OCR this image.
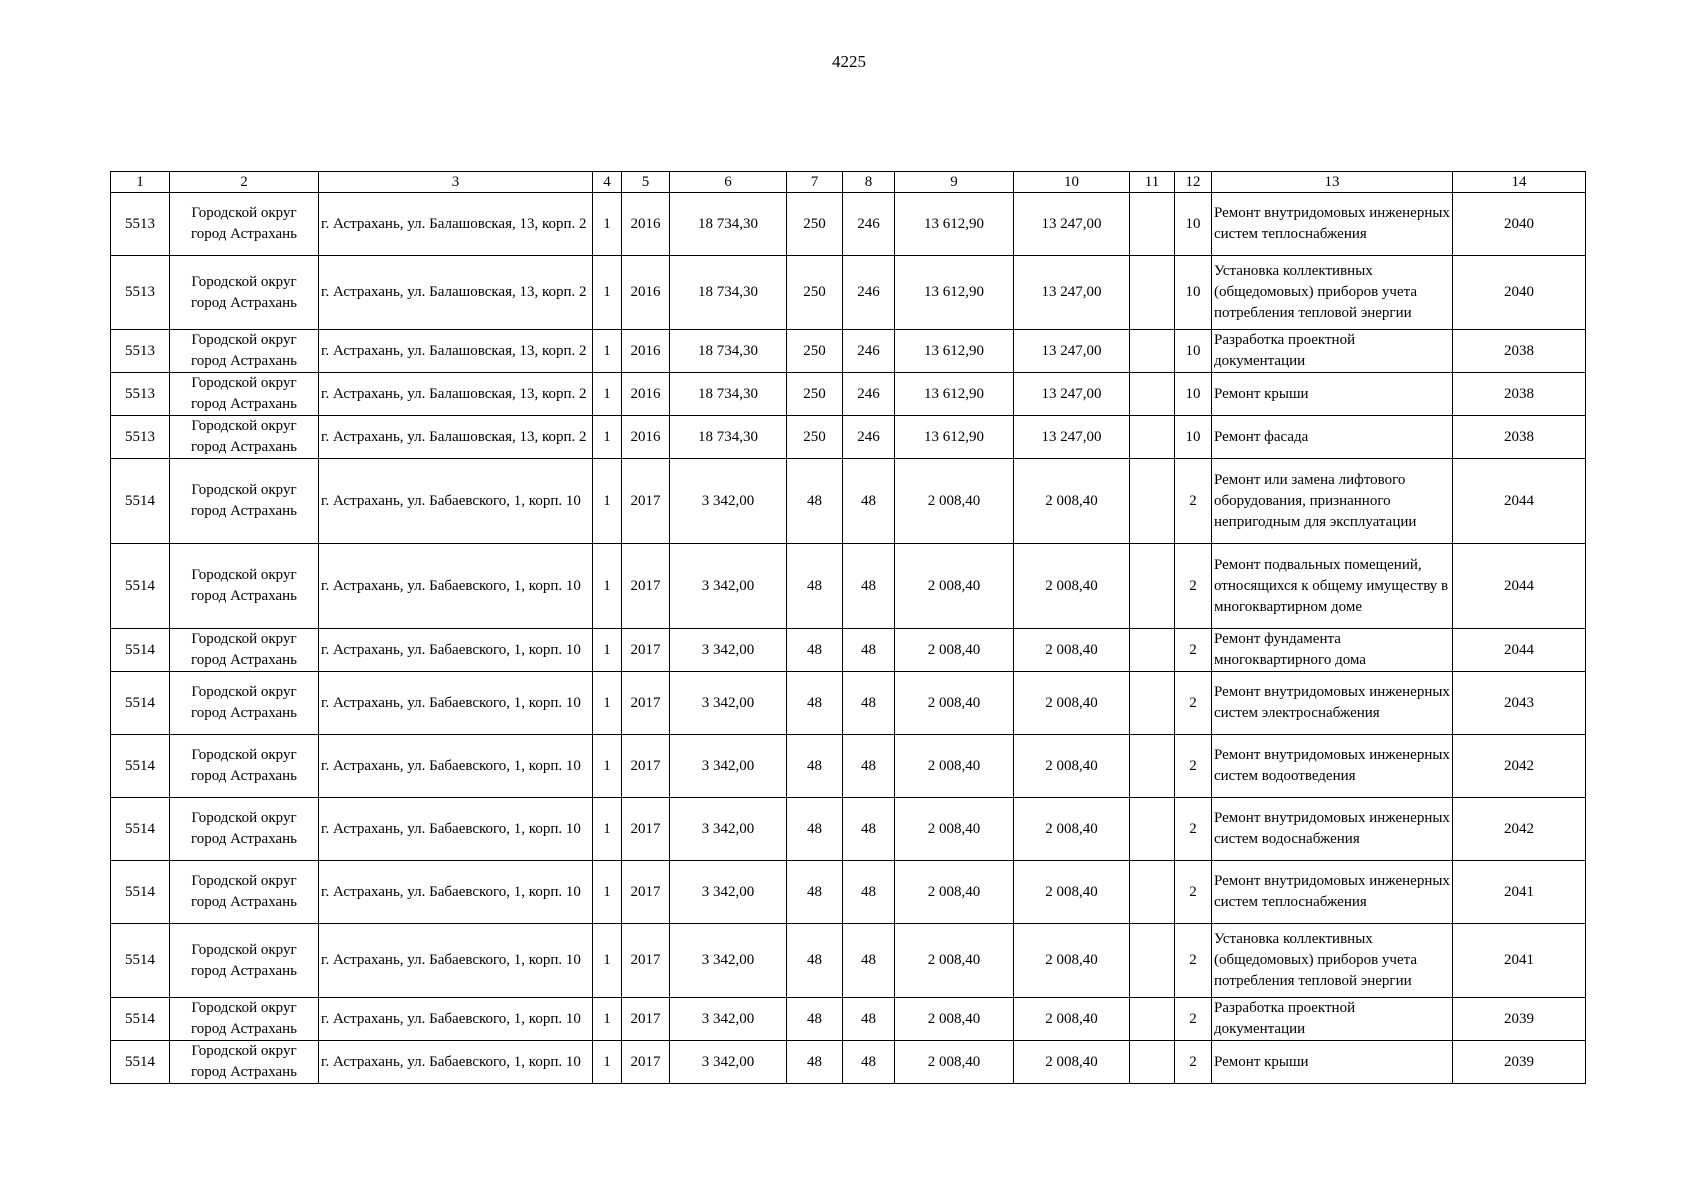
4225
1	2	3	4	5	6	7	8	9	10	11	12	13	14
5513	Городской округ город Астрахань	г. Астрахань, ул. Балашовская, 13, корп. 2	1	2016	18 734,30	250	246	13 612,90	13 247,00		10	Ремонт внутридомовых инженерных систем теплоснабжения	2040
5513	Городской округ город Астрахань	г. Астрахань, ул. Балашовская, 13, корп. 2	1	2016	18 734,30	250	246	13 612,90	13 247,00		10	Установка коллективных (общедомовых) приборов учета потребления тепловой энергии	2040
5513	Городской округ город Астрахань	г. Астрахань, ул. Балашовская, 13, корп. 2	1	2016	18 734,30	250	246	13 612,90	13 247,00		10	Разработка проектной документации	2038
5513	Городской округ город Астрахань	г. Астрахань, ул. Балашовская, 13, корп. 2	1	2016	18 734,30	250	246	13 612,90	13 247,00		10	Ремонт крыши	2038
5513	Городской округ город Астрахань	г. Астрахань, ул. Балашовская, 13, корп. 2	1	2016	18 734,30	250	246	13 612,90	13 247,00		10	Ремонт фасада	2038
5514	Городской округ город Астрахань	г. Астрахань, ул. Бабаевского, 1, корп. 10	1	2017	3 342,00	48	48	2 008,40	2 008,40		2	Ремонт или замена лифтового оборудования, признанного непригодным для эксплуатации	2044
5514	Городской округ город Астрахань	г. Астрахань, ул. Бабаевского, 1, корп. 10	1	2017	3 342,00	48	48	2 008,40	2 008,40		2	Ремонт подвальных помещений, относящихся к общему имуществу в многоквартирном доме	2044
5514	Городской округ город Астрахань	г. Астрахань, ул. Бабаевского, 1, корп. 10	1	2017	3 342,00	48	48	2 008,40	2 008,40		2	Ремонт фундамента многоквартирного дома	2044
5514	Городской округ город Астрахань	г. Астрахань, ул. Бабаевского, 1, корп. 10	1	2017	3 342,00	48	48	2 008,40	2 008,40		2	Ремонт внутридомовых инженерных систем электроснабжения	2043
5514	Городской округ город Астрахань	г. Астрахань, ул. Бабаевского, 1, корп. 10	1	2017	3 342,00	48	48	2 008,40	2 008,40		2	Ремонт внутридомовых инженерных систем водоотведения	2042
5514	Городской округ город Астрахань	г. Астрахань, ул. Бабаевского, 1, корп. 10	1	2017	3 342,00	48	48	2 008,40	2 008,40		2	Ремонт внутридомовых инженерных систем водоснабжения	2042
5514	Городской округ город Астрахань	г. Астрахань, ул. Бабаевского, 1, корп. 10	1	2017	3 342,00	48	48	2 008,40	2 008,40		2	Ремонт внутридомовых инженерных систем теплоснабжения	2041
5514	Городской округ город Астрахань	г. Астрахань, ул. Бабаевского, 1, корп. 10	1	2017	3 342,00	48	48	2 008,40	2 008,40		2	Установка коллективных (общедомовых) приборов учета потребления тепловой энергии	2041
5514	Городской округ город Астрахань	г. Астрахань, ул. Бабаевского, 1, корп. 10	1	2017	3 342,00	48	48	2 008,40	2 008,40		2	Разработка проектной документации	2039
5514	Городской округ город Астрахань	г. Астрахань, ул. Бабаевского, 1, корп. 10	1	2017	3 342,00	48	48	2 008,40	2 008,40		2	Ремонт крыши	2039
